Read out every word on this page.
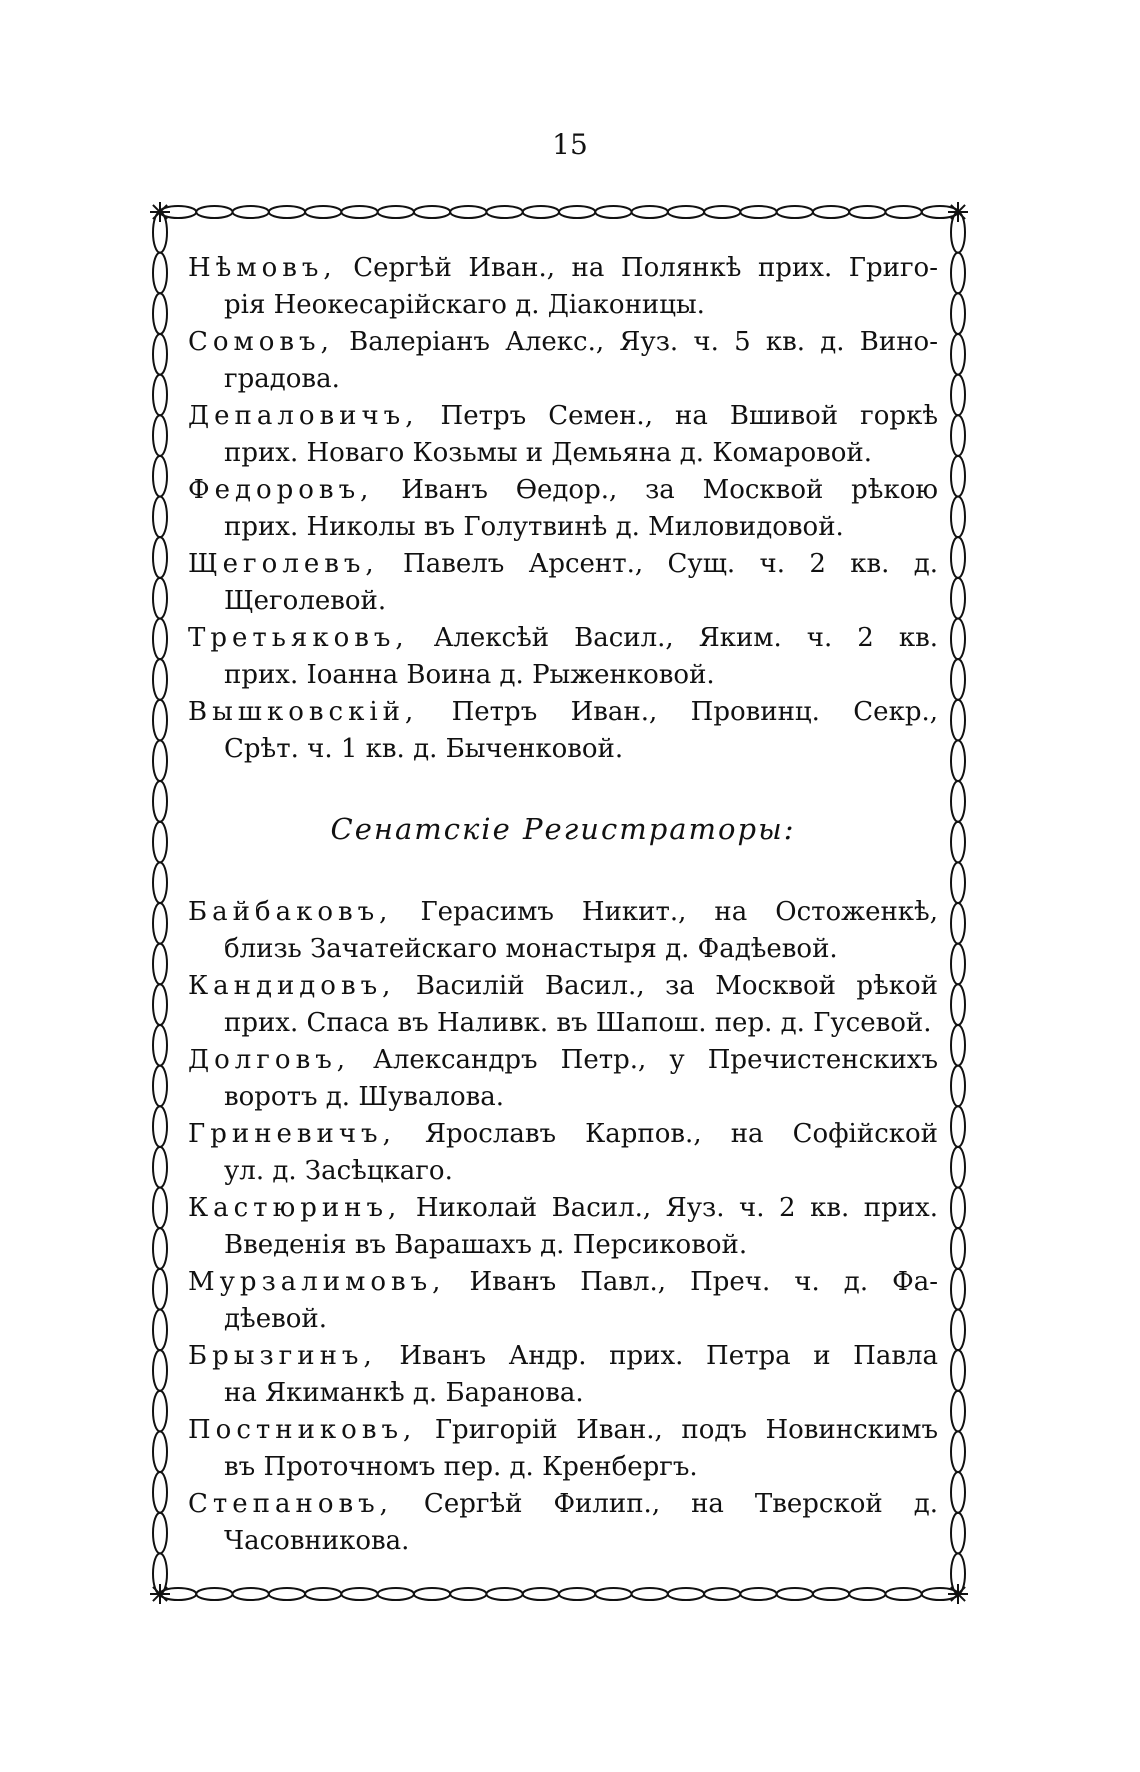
15
Нѣмовъ, Сергѣй Иван., на Полянкѣ прих. Григо-
рія Неокесарійскаго д. Діаконицы.
Сомовъ, Валеріанъ Алекс., Яуз. ч. 5 кв. д. Вино-
градова.
Депаловичъ, Петръ Семен., на Вшивой горкѣ
прих. Новаго Козьмы и Демьяна д. Комаровой.
Федоровъ, Иванъ Ѳедор., за Москвой рѣкою
прих. Николы въ Голутвинѣ д. Миловидовой.
Щеголевъ, Павелъ Арсент., Сущ. ч. 2 кв. д.
Щеголевой.
Третьяковъ, Алексѣй Васил., Яким. ч. 2 кв.
прих. Іоанна Воина д. Рыженковой.
Вышковскій, Петръ Иван., Провинц. Секр.,
Срѣт. ч. 1 кв. д. Быченковой.
Сенатскіе Регистраторы:
Байбаковъ, Герасимъ Никит., на Остоженкѣ,
близь Зачатейскаго монастыря д. Фадѣевой.
Кандидовъ, Василій Васил., за Москвой рѣкой
прих. Спаса въ Наливк. въ Шапош. пер. д. Гусевой.
Долговъ, Александръ Петр., у Пречистенскихъ
воротъ д. Шувалова.
Гриневичъ, Ярославъ Карпов., на Софійской
ул. д. Засѣцкаго.
Кастюринъ, Николай Васил., Яуз. ч. 2 кв. прих.
Введенія въ Варашахъ д. Персиковой.
Мурзалимовъ, Иванъ Павл., Преч. ч. д. Фа-
дѣевой.
Брызгинъ, Иванъ Андр. прих. Петра и Павла
на Якиманкѣ д. Баранова.
Постниковъ, Григорій Иван., подъ Новинскимъ
въ Проточномъ пер. д. Кренбергъ.
Степановъ, Сергѣй Филип., на Тверской д.
Часовникова.
